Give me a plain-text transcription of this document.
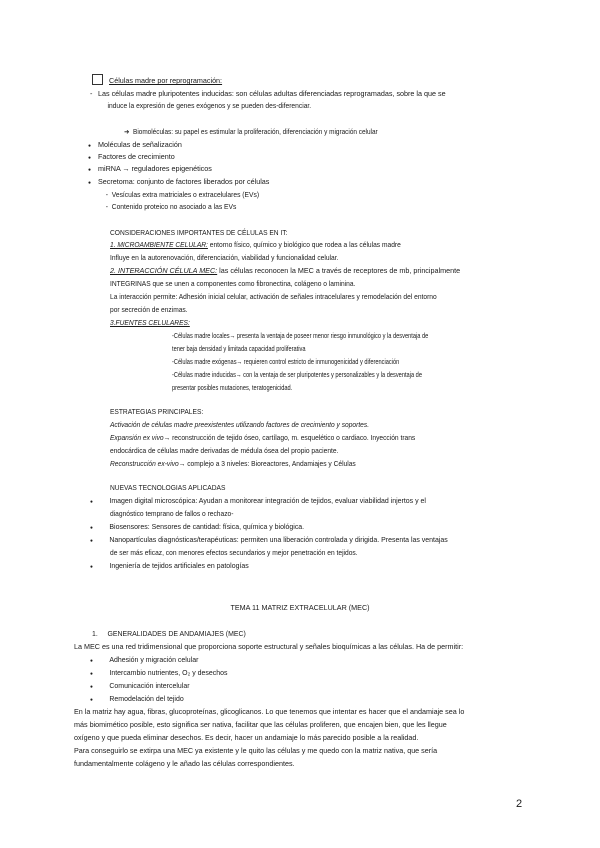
Células madre por reprogramación:
-Las células madre pluripotentes inducidas: son células adultas diferenciadas reprogramadas, sobre la que se
induce la expresión de genes exógenos y se pueden des-diferenciar.
➔ Biomoléculas: su papel es estimular la proliferación, diferenciación y migración celular
●Moléculas de señalización
●Factores de crecimiento
●miRNA → reguladores epigenéticos
●Secretoma: conjunto de factores liberados por células
-  Vesículas extra matriciales o extracelulares (EVs)
-  Contenido proteico no asociado a las EVs
CONSIDERACIONES IMPORTANTES DE CÉLULAS EN IT:
1. MICROAMBIENTE CELULAR: entorno físico, químico y biológico que rodea a las células madre
Influye en la autorenovación, diferenciación, viabilidad y funcionalidad celular.
2. INTERACCIÓN CÉLULA MEC: las células reconocen la MEC a través de receptores de mb, principalmente
INTEGRINAS que se unen a componentes como fibronectina, colágeno o laminina.
La interacción permite: Adhesión inicial celular, activación de señales intracelulares y remodelación del entorno
por secreción de enzimas.
3.FUENTES CELULARES:
-Células madre locales→ presenta la ventaja de poseer menor riesgo inmunológico y la desventaja de
tener baja densidad y limitada capacidad proliferativa
-Células madre exógenas→ requieren control estricto de inmunogenicidad y diferenciación
-Células madre inducidas→ con la ventaja de ser pluripotentes y personalizables y la desventaja de
presentar posibles mutaciones, teratogenicidad.
ESTRATEGIAS PRINCIPALES:
Activación de células madre preexistentes utilizando factores de crecimiento y soportes.
Expansión ex vivo→ reconstrucción de tejido óseo, cartílago, m. esquelético o cardiaco. Inyección trans
endocárdica de células madre derivadas de médula ósea del propio paciente.
Reconstrucción ex-vivo→ complejo a 3 niveles: Bioreactores, Andamiajes y Células
NUEVAS TECNOLOGIAS APLICADAS
●Imagen digital microscópica: Ayudan a monitorear integración de tejidos, evaluar viabilidad injertos y el
diagnóstico temprano de fallos o rechazo-
●Biosensores: Sensores de cantidad: física, química y biológica.
●Nanopartículas diagnósticas/terapéuticas: permiten una liberación controlada y dirigida. Presenta las ventajas
de ser más eficaz, con menores efectos secundarios y mejor penetración en tejidos.
●Ingeniería de tejidos artificiales en patologías
TEMA 11 MATRIZ EXTRACELULAR (MEC)
1. GENERALIDADES DE ANDAMIAJES (MEC)
La MEC es una red tridimensional que proporciona soporte estructural y señales bioquímicas a las células. Ha de permitir:
●Adhesión y migración celular
●Intercambio nutrientes, O₂ y desechos
●Comunicación intercelular
●Remodelación del tejido
En la matriz hay agua, fibras, glucoproteínas, glicoglicanos. Lo que tenemos que intentar es hacer que el andamiaje sea lo
más biomimético posible, esto significa ser nativa, facilitar que las células proliferen, que encajen bien, que les llegue
oxígeno y que pueda eliminar desechos. Es decir, hacer un andamiaje lo más parecido posible a la realidad.
Para conseguirlo se extirpa una MEC ya existente y le quito las células y me quedo con la matriz nativa, que sería
fundamentalmente colágeno y le añado las células correspondientes.
2
